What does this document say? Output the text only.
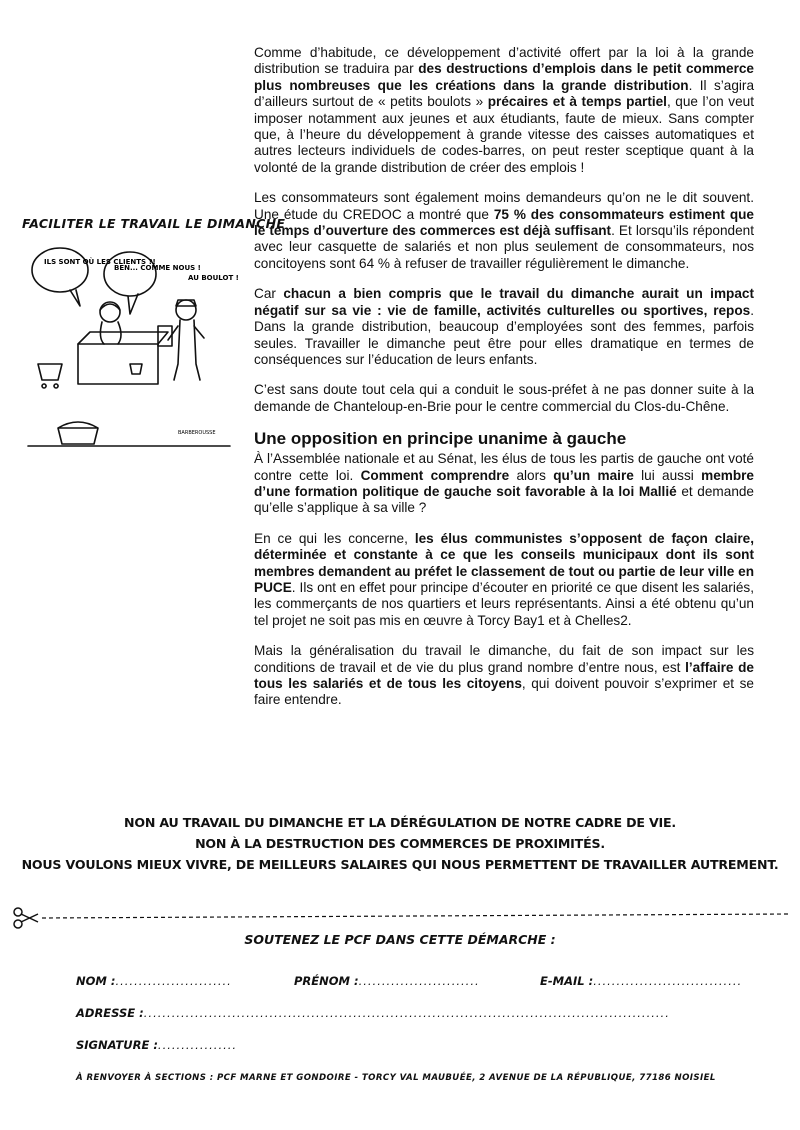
FACILITER LE TRAVAIL LE DIMANCHE
ILS SONT OÙ LES CLIENTS ?!
BEN... COMME NOUS !
AU BOULOT !
BARBEROUSSE

Comme d’habitude, ce développement d’activité offert par la loi à la grande distribution se traduira par des destructions d’emplois dans le petit commerce plus nombreuses que les créations dans la grande distribution. Il s’agira d’ailleurs surtout de « petits boulots » précaires et à temps partiel, que l’on veut imposer notamment aux jeunes et aux étudiants, faute de mieux. Sans compter que, à l’heure du développement à grande vitesse des caisses automatiques et autres lecteurs individuels de codes-barres, on peut rester sceptique quant à la volonté de la grande distribution de créer des emplois !

Les consommateurs sont également moins demandeurs qu’on ne le dit souvent. Une étude du CREDOC a montré que 75 % des consommateurs estiment que le temps d’ouverture des commerces est déjà suffisant. Et lorsqu’ils répondent avec leur casquette de salariés et non plus seulement de consommateurs, nos concitoyens sont 64 % à refuser de travailler régulièrement le dimanche.

Car chacun a bien compris que le travail du dimanche aurait un impact négatif sur sa vie : vie de famille, activités culturelles ou sportives, repos. Dans la grande distribution, beaucoup d’employées sont des femmes, parfois seules. Travailler le dimanche peut être pour elles dramatique en termes de conséquences sur l’éducation de leurs enfants.

C’est sans doute tout cela qui a conduit le sous-préfet à ne pas donner suite à la demande de Chanteloup-en-Brie pour le centre commercial du Clos-du-Chêne.

Une opposition en principe unanime à gauche

À l’Assemblée nationale et au Sénat, les élus de tous les partis de gauche ont voté contre cette loi. Comment comprendre alors qu’un maire lui aussi membre d’une formation politique de gauche soit favorable à la loi Mallié et demande qu’elle s’applique à sa ville ?

En ce qui les concerne, les élus communistes s’opposent de façon claire, déterminée et constante à ce que les conseils municipaux dont ils sont membres demandent au préfet le classement de tout ou partie de leur ville en PUCE. Ils ont en effet pour principe d’écouter en priorité ce que disent les salariés, les commerçants de nos quartiers et leurs représentants. Ainsi a été obtenu qu’un tel projet ne soit pas mis en œuvre à Torcy Bay1 et à Chelles2.

Mais la généralisation du travail le dimanche, du fait de son impact sur les conditions de travail et de vie du plus grand nombre d’entre nous, est l’affaire de tous les salariés et de tous les citoyens, qui doivent pouvoir s’exprimer et se faire entendre.

NON AU TRAVAIL DU DIMANCHE ET LA DÉRÉGULATION DE NOTRE CADRE DE VIE.
NON À LA DESTRUCTION DES COMMERCES DE PROXIMITÉS.
NOUS VOULONS MIEUX VIVRE, DE MEILLEURS SALAIRES QUI NOUS PERMETTENT DE TRAVAILLER AUTREMENT.
SOUTENEZ LE PCF DANS CETTE DÉMARCHE :
NOM :.........................	PRÉNOM :..........................	E-MAIL :................................
ADRESSE :.................................................................................................................
SIGNATURE :.................
À RENVOYER À SECTIONS : PCF MARNE ET GONDOIRE - TORCY VAL MAUBUÉE, 2 AVENUE DE LA RÉPUBLIQUE, 77186 NOISIEL
